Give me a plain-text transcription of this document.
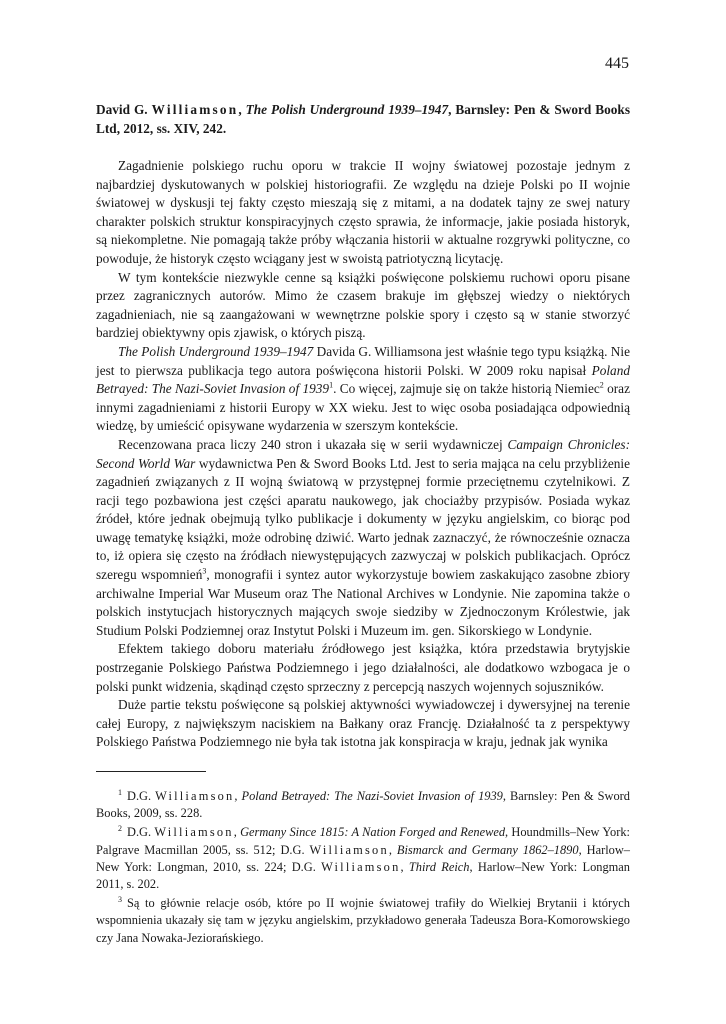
445
David G. Williamson, The Polish Underground 1939–1947, Barnsley: Pen & Sword Books Ltd, 2012, ss. XIV, 242.

Zagadnienie polskiego ruchu oporu w trakcie II wojny światowej pozostaje jednym z najbardziej dyskutowanych w polskiej historiografii. Ze względu na dzieje Polski po II wojnie światowej w dyskusji tej fakty często mieszają się z mitami, a na dodatek tajny ze swej natury charakter polskich struktur konspiracyjnych często sprawia, że informacje, jakie posiada historyk, są niekompletne. Nie pomagają także próby włączania historii w aktualne rozgrywki polityczne, co powoduje, że historyk często wciągany jest w swoistą patriotyczną licytację.

W tym kontekście niezwykle cenne są książki poświęcone polskiemu ruchowi oporu pisane przez zagranicznych autorów. Mimo że czasem brakuje im głębszej wiedzy o niektórych zagadnieniach, nie są zaangażowani w wewnętrzne polskie spory i często są w stanie stworzyć bardziej obiektywny opis zjawisk, o których piszą.

The Polish Underground 1939–1947 Davida G. Williamsona jest właśnie tego typu książką. Nie jest to pierwsza publikacja tego autora poświęcona historii Polski. W 2009 roku napisał Poland Betrayed: The Nazi-Soviet Invasion of 1939$^1$. Co więcej, zajmuje się on także historią Niemiec$^2$ oraz innymi zagadnieniami z historii Europy w XX wieku. Jest to więc osoba posiadająca odpowiednią wiedzę, by umieścić opisywane wydarzenia w szerszym kontekście.

Recenzowana praca liczy 240 stron i ukazała się w serii wydawniczej Campaign Chronicles: Second World War wydawnictwa Pen & Sword Books Ltd. Jest to seria mająca na celu przybliżenie zagadnień związanych z II wojną światową w przystępnej formie przeciętnemu czytelnikowi. Z racji tego pozbawiona jest części aparatu naukowego, jak chociażby przypisów. Posiada wykaz źródeł, które jednak obejmują tylko publikacje i dokumenty w języku angielskim, co biorąc pod uwagę tematykę książki, może odrobinę dziwić. Warto jednak zaznaczyć, że równocześnie oznacza to, iż opiera się często na źródłach niewystępujących zazwyczaj w polskich publikacjach. Oprócz szeregu wspomnień$^3$, monografii i syntez autor wykorzystuje bowiem zaskakująco zasobne zbiory archiwalne Imperial War Museum oraz The National Archives w Londynie. Nie zapomina także o polskich instytucjach historycznych mających swoje siedziby w Zjednoczonym Królestwie, jak Studium Polski Podziemnej oraz Instytut Polski i Muzeum im. gen. Sikorskiego w Londynie.

Efektem takiego doboru materiału źródłowego jest książka, która przedstawia brytyjskie postrzeganie Polskiego Państwa Podziemnego i jego działalności, ale dodatkowo wzbogaca je o polski punkt widzenia, skądinąd często sprzeczny z percepcją naszych wojennych sojuszników.

Duże partie tekstu poświęcone są polskiej aktywności wywiadowczej i dywersyjnej na terenie całej Europy, z największym naciskiem na Bałkany oraz Francję. Działalność ta z perspektywy Polskiego Państwa Podziemnego nie była tak istotna jak konspiracja w kraju, jednak jak wynika

$^1$ D.G. Williamson, Poland Betrayed: The Nazi-Soviet Invasion of 1939, Barnsley: Pen & Sword Books, 2009, ss. 228.

$^2$ D.G. Williamson, Germany Since 1815: A Nation Forged and Renewed, Houndmills–New York: Palgrave Macmillan 2005, ss. 512; D.G. Williamson, Bismarck and Germany 1862–1890, Harlow–New York: Longman, 2010, ss. 224; D.G. Williamson, Third Reich, Harlow–New York: Longman 2011, s. 202.

$^3$ Są to głównie relacje osób, które po II wojnie światowej trafiły do Wielkiej Brytanii i których wspomnienia ukazały się tam w języku angielskim, przykładowo generała Tadeusza Bora-Komorowskiego czy Jana Nowaka-Jeziorańskiego.
